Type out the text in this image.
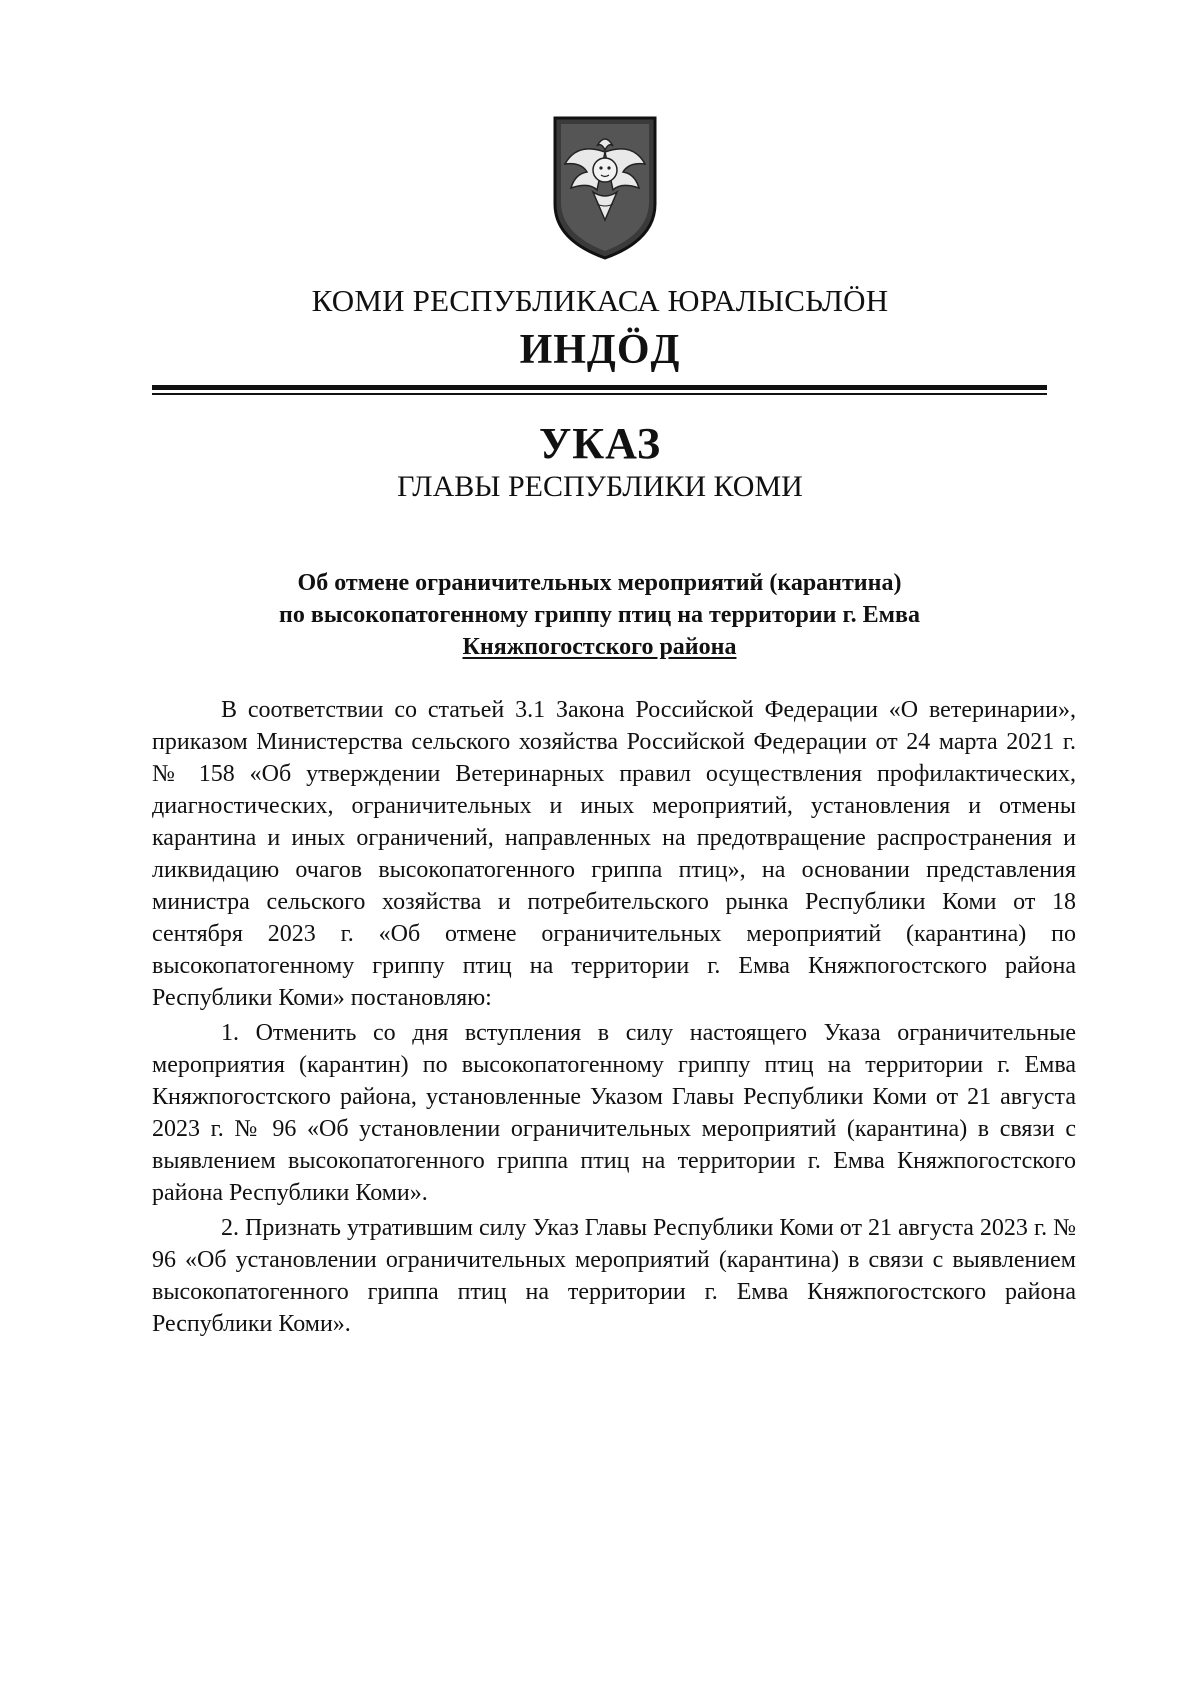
КОМИ РЕСПУБЛИКАСА ЮРАЛЫСЬЛÖН
ИНДÖД
УКАЗ
ГЛАВЫ РЕСПУБЛИКИ КОМИ
Об отмене ограничительных мероприятий (карантина)
по высокопатогенному гриппу птиц на территории г. Емва
Княжпогостского района

В соответствии со статьей 3.1 Закона Российской Федерации «О ветеринарии», приказом Министерства сельского хозяйства Российской Федерации от 24 марта 2021 г. № 158 «Об утверждении Ветеринарных правил осуществления профилактических, диагностических, ограничительных и иных мероприятий, установления и отмены карантина и иных ограничений, направленных на предотвращение распространения и ликвидацию очагов высокопатогенного гриппа птиц», на основании представления министра сельского хозяйства и потребительского рынка Республики Коми от 18 сентября 2023 г. «Об отмене ограничительных мероприятий (карантина) по высокопатогенному гриппу птиц на территории г. Емва Княжпогостского района Республики Коми» постановляю:

1. Отменить со дня вступления в силу настоящего Указа ограничительные мероприятия (карантин) по высокопатогенному гриппу птиц на территории г. Емва Княжпогостского района, установленные Указом Главы Республики Коми от 21 августа 2023 г. № 96 «Об установлении ограничительных мероприятий (карантина) в связи с выявлением высокопатогенного гриппа птиц на территории г. Емва Княжпогостского района Республики Коми».

2. Признать утратившим силу Указ Главы Республики Коми от 21 августа 2023 г. № 96 «Об установлении ограничительных мероприятий (карантина) в связи с выявлением высокопатогенного гриппа птиц на территории г. Емва Княжпогостского района Республики Коми».
